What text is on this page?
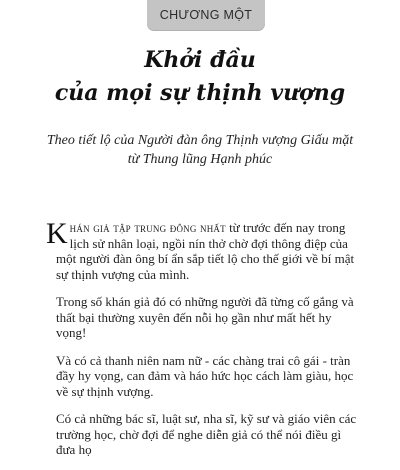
CHƯƠNG MỘT
Khởi đầu
của mọi sự thịnh vượng
Theo tiết lộ của Người đàn ông Thịnh vượng Giấu mặt
từ Thung lũng Hạnh phúc

Khán giả tập trung đông nhất từ trước đến nay trong lịch sử nhân loại, ngồi nín thở chờ đợi thông điệp của một người đàn ông bí ẩn sắp tiết lộ cho thế giới về bí mật sự thịnh vượng của mình.

Trong số khán giả đó có những người đã từng cố gắng và thất bại thường xuyên đến nỗi họ gần như mất hết hy vọng!

Và có cả thanh niên nam nữ - các chàng trai cô gái - tràn đầy hy vọng, can đảm và háo hức học cách làm giàu, học về sự thịnh vượng.

Có cả những bác sĩ, luật sư, nha sĩ, kỹ sư và giáo viên các trường học, chờ đợi để nghe diễn giả có thể nói điều gì đưa họ
